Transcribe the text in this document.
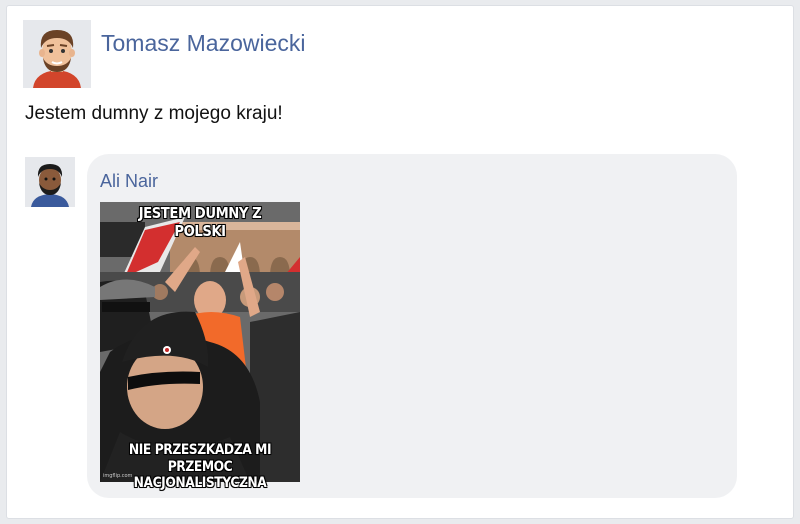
Tomasz Mazowiecki
Jestem dumny z mojego kraju!
Ali Nair
JESTEM DUMNY Z POLSKI
NIE PRZESZKADZA MI
PRZEMOC NACJONALISTYCZNA
imgflip.com
